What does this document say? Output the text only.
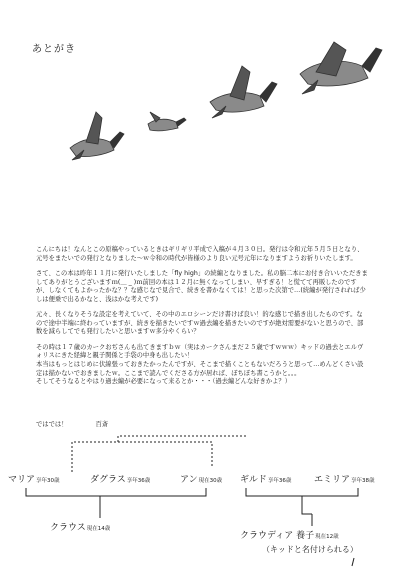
あとがき

こんにちは！なんとこの原稿やっているときはギリギリ平成で入稿が４月３０日。発行は令和元年５月５日となり、元号をまたいでの発行となりました～ｗ令和の時代が皆様のより良い元号元年になりますようお祈りいたします。

さて、この本は昨年１１月に発行いたしました「fly high」の続編となりました。私の脳二本にお付き合いいただきましてありがとうございますｍ(＿ _ )ｍ前回の本は１２月に無くなってしまい、早すぎる！と慌てて再販したのですが、しなくてもよかったかな？？な感じなで見合で、続きを書かなくては！と思った次第で…(続編が発行されれば少しは便乗で出るかなと、浅はかな考えです)

元々、長くなりそうな設定を考えていて、その中のエロシーンだけ書けば良い！的な感じで描き出したものです。なので途中半端に終わっていますが、続きを描きたいですｗ過去編を描きたいのですが絶対需要がないと思うので、部数を減らしてでも発行したいと思いますｗ多分やくらい？

その時は１７歳のカークおぢさんも出てきますｂｗ（実はカークさんまだ２５歳ですｗｗｗ）キッドの過去とエルヴォリスにきた経緯と親子関係と手袋の中身も出したい！
本当はもっとはじめに伏線張っておきたかったんですが、そこまで描くこともないだろうと思って…めんどくさい設定は描かないでおきましたｗ。ここまで読んでくださる方が居れば、ぼちぼち書こうかと。。。
そしてそうなるとやはり過去編が必要になって来るとか・・・（過去編どんな好きかよ？）

ではでは！	百斎
マリア享年30歳	ダグラス享年36歳	アン現在30歳 ギルド享年36歳	エミリア享年38歳
クラウス現在14歳
クラウディア 養子現在12歳
（キッドと名付けられる）
